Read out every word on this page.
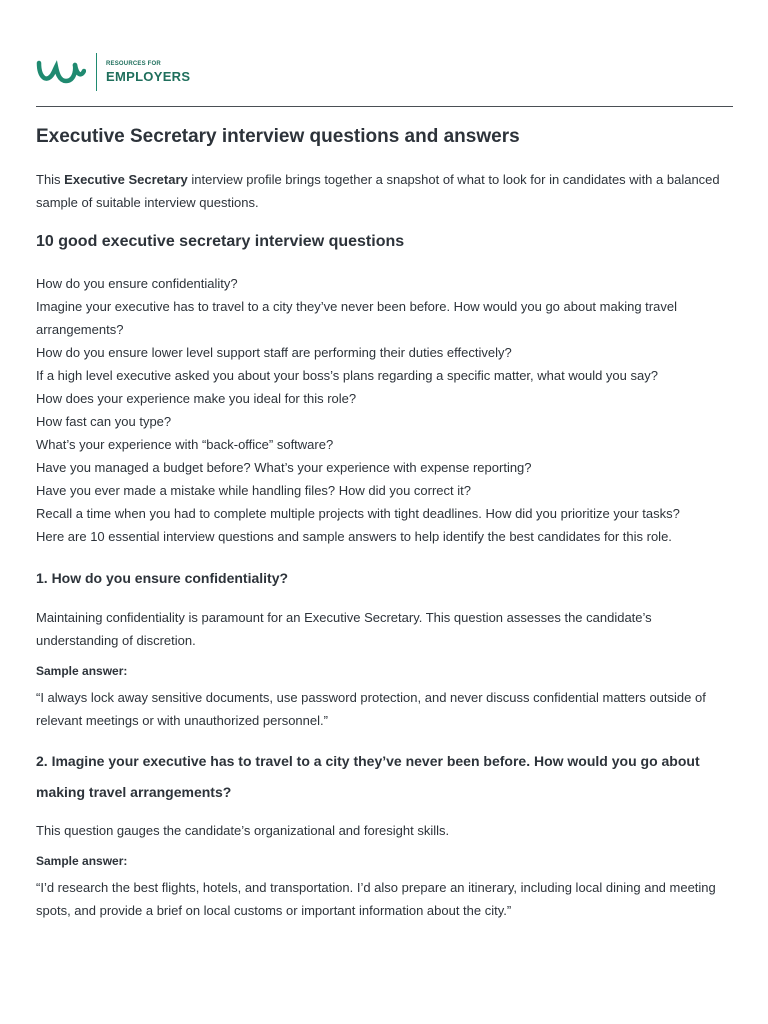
RESOURCES FOR
EMPLOYERS
Executive Secretary interview questions and answers

This Executive Secretary interview profile brings together a snapshot of what to look for in candidates with a balanced sample of suitable interview questions.

10 good executive secretary interview questions
How do you ensure confidentiality?
Imagine your executive has to travel to a city they’ve never been before. How would you go about making travel arrangements?
How do you ensure lower level support staff are performing their duties effectively?
If a high level executive asked you about your boss’s plans regarding a specific matter, what would you say?
How does your experience make you ideal for this role?
How fast can you type?
What’s your experience with “back-office” software?
Have you managed a budget before? What’s your experience with expense reporting?
Have you ever made a mistake while handling files? How did you correct it?
Recall a time when you had to complete multiple projects with tight deadlines. How did you prioritize your tasks?
Here are 10 essential interview questions and sample answers to help identify the best candidates for this role.
1. How do you ensure confidentiality?

Maintaining confidentiality is paramount for an Executive Secretary. This question assesses the candidate’s understanding of discretion.

Sample answer:

“I always lock away sensitive documents, use password protection, and never discuss confidential matters outside of relevant meetings or with unauthorized personnel.”

2. Imagine your executive has to travel to a city they’ve never been before. How would you go about making travel arrangements?

This question gauges the candidate’s organizational and foresight skills.

Sample answer:

“I’d research the best flights, hotels, and transportation. I’d also prepare an itinerary, including local dining and meeting spots, and provide a brief on local customs or important information about the city.”
